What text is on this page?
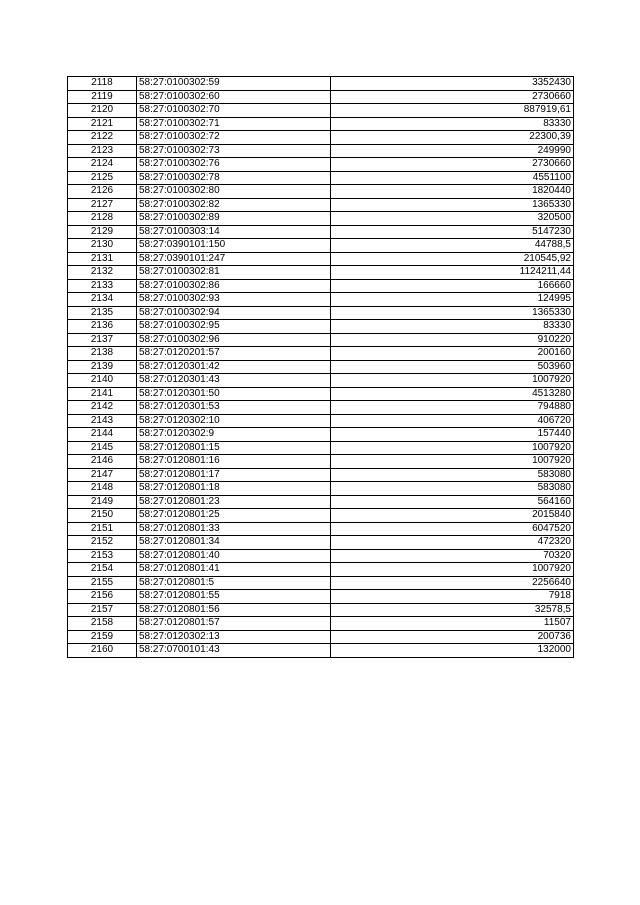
2118	58:27:0100302:59	3352430
2119	58:27:0100302:60	2730660
2120	58:27:0100302:70	887919,61
2121	58:27:0100302:71	83330
2122	58:27:0100302:72	22300,39
2123	58:27:0100302:73	249990
2124	58:27:0100302:76	2730660
2125	58:27:0100302:78	4551100
2126	58:27:0100302:80	1820440
2127	58:27:0100302:82	1365330
2128	58:27:0100302:89	320500
2129	58:27:0100303:14	5147230
2130	58:27:0390101:150	44788,5
2131	58:27:0390101:247	210545,92
2132	58:27:0100302:81	1124211,44
2133	58:27:0100302:86	166660
2134	58:27:0100302:93	124995
2135	58:27:0100302:94	1365330
2136	58:27:0100302:95	83330
2137	58:27:0100302:96	910220
2138	58:27:0120201:57	200160
2139	58:27:0120301:42	503960
2140	58:27:0120301:43	1007920
2141	58:27:0120301:50	4513280
2142	58:27:0120301:53	794880
2143	58:27:0120302:10	406720
2144	58:27:0120302:9	157440
2145	58:27:0120801:15	1007920
2146	58:27:0120801:16	1007920
2147	58:27:0120801:17	583080
2148	58:27:0120801:18	583080
2149	58:27:0120801:23	564160
2150	58:27:0120801:25	2015840
2151	58:27:0120801:33	6047520
2152	58:27:0120801:34	472320
2153	58:27:0120801:40	70320
2154	58:27:0120801:41	1007920
2155	58:27:0120801:5	2256640
2156	58:27:0120801:55	7918
2157	58:27:0120801:56	32578,5
2158	58:27:0120801:57	11507
2159	58:27:0120302:13	200736
2160	58:27:0700101:43	132000
